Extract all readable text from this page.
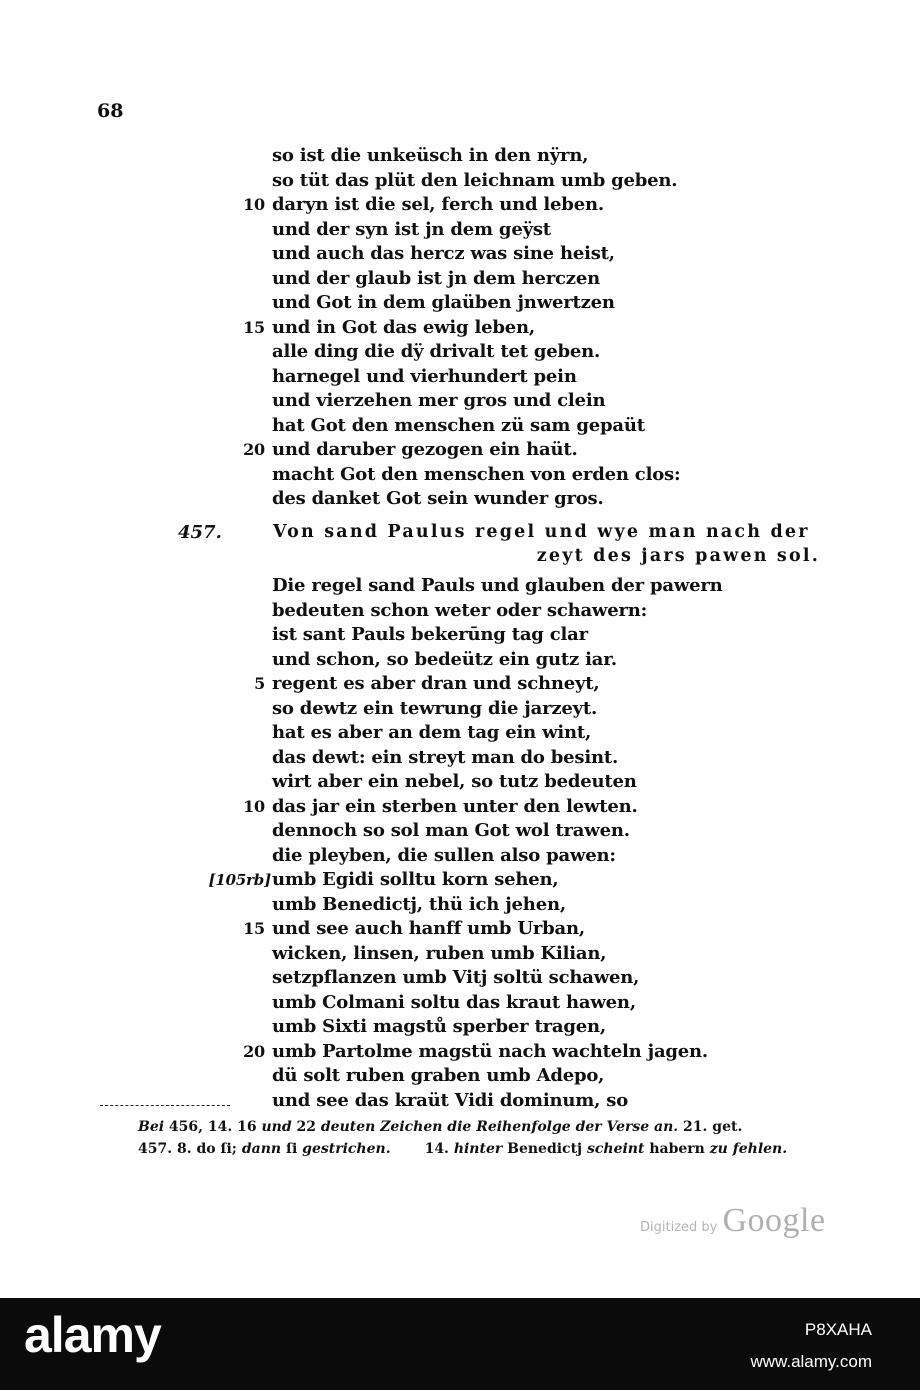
68
so ist die unkeüsch in den nÿrn,
so tüt das plüt den leichnam umb geben.
10 daryn ist die sel, ferch und leben.
und der syn ist jn dem geÿst
und auch das hercz was sine heist,
und der glaub ist jn dem herczen
und Got in dem glaüben jnwertzen
15 und in Got das ewig leben,
alle ding die dÿ drivalt tet geben.
harnegel und vierhundert pein
und vierzehen mer gros und clein
hat Got den menschen zü sam gepaüt
20 und daruber gezogen ein haüt.
macht Got den menschen von erden clos:
des danket Got sein wunder gros.
457.	Von sand Paulus regel und wye man nach der
zeyt des jars pawen sol.
Die regel sand Pauls und glauben der pawern
bedeuten schon weter oder schawern:
ist sant Pauls bekerūng tag clar
und schon, so bedeütz ein gutz iar.
5 regent es aber dran und schneyt,
so dewtz ein tewrung die jarzeyt.
hat es aber an dem tag ein wint,
das dewt: ein streyt man do besint.
wirt aber ein nebel, so tutz bedeuten
10 das jar ein sterben unter den lewten.
dennoch so sol man Got wol trawen.
die pleyben, die sullen also pawen:
[105rb] umb Egidi solltu korn sehen,
umb Benedictj, thü ich jehen,
15 und see auch hanff umb Urban,
wicken, linsen, ruben umb Kilian,
setzpflanzen umb Vitj soltü schawen,
umb Colmani soltu das kraut hawen,
umb Sixti magstů sperber tragen,
20 umb Partolme magstü nach wachteln jagen.
dü solt ruben graben umb Adepo,
und see das kraüt Vidi dominum, so
Bei 456, 14. 16 und 22 deuten Zeichen die Reihenfolge der Verse an. 21. get.
457. 8. do ſi; dann ſi gestrichen. 14. hinter Benedictj scheint habern zu fehlen.
Digitized by Google
alamy	P8XAHA
www.alamy.com
